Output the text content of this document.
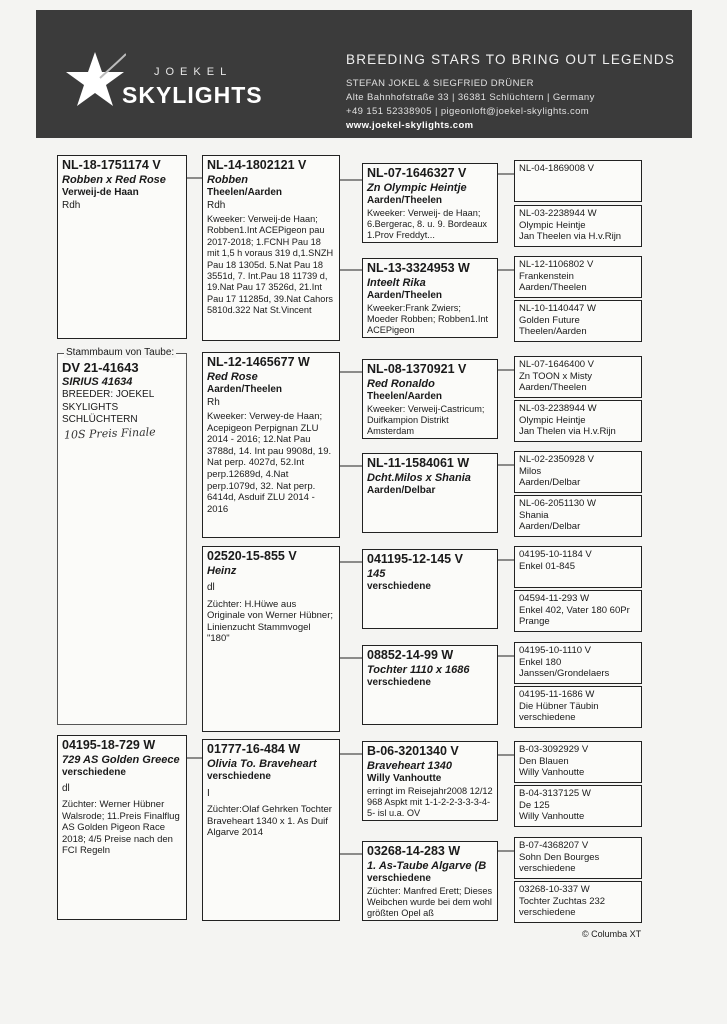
JOEKEL
SKYLIGHTS
BREEDING STARS TO BRING OUT LEGENDS
STEFAN JOKEL & SIEGFRIED DRÜNER
Alte Bahnhofstraße 33 | 36381 Schlüchtern | Germany
+49 151 52338905 | pigeonloft@joekel-skylights.com
www.joekel-skylights.com
DV 21-41643
SIRIUS 41634
BREEDER: JOEKEL
SKYLIGHTS
SCHLÜCHTERN
Stammbaum von Taube:
10S Preis Finale
NL-18-1751174 V
Robben x Red Rose
Verweij-de Haan
Rdh
04195-18-729 W
729 AS Golden Greece
verschiedene
dl
Züchter: Werner Hübner Walsrode; 11.Preis Finalflug AS Golden Pigeon Race 2018; 4/5 Preise nach den FCI Regeln
NL-14-1802121 V
Robben
Theelen/Aarden
Rdh
Kweeker: Verweij-de Haan; Robben1.Int ACEPigeon pau 2017-2018; 1.FCNH Pau 18 mit 1,5 h voraus 319 d,1.SNZH Pau 18 1305d. 5.Nat Pau 18 3551d, 7. Int.Pau 18 11739 d, 19.Nat Pau 17 3526d, 21.Int Pau 17 11285d, 39.Nat Cahors 5810d.322 Nat St.Vincent
NL-12-1465677 W
Red Rose
Aarden/Theelen
Rh
Kweeker: Verwey-de Haan; Acepigeon Perpignan ZLU 2014 - 2016; 12.Nat Pau 3788d, 14. Int pau 9908d, 19. Nat perp. 4027d, 52.Int perp.12689d, 4.Nat perp.1079d, 32. Nat perp. 6414d, Asduif ZLU 2014 - 2016
02520-15-855 V
Heinz
dl
Züchter: H.Hüwe aus Originale von Werner Hübner; Linienzucht Stammvogel "180"
01777-16-484 W
Olivia To. Braveheart
verschiedene
I
Züchter:Olaf Gehrken Tochter Braveheart 1340 x 1. As Duif Algarve 2014
NL-07-1646327 V
Zn Olympic Heintje
Aarden/Theelen
Kweeker: Verweij- de Haan; 6.Bergerac, 8. u. 9. Bordeaux 1.Prov Freddyt...
NL-13-3324953 W
Inteelt Rika
Aarden/Theelen
Kweeker:Frank Zwiers; Moeder Robben; Robben1.Int ACEPigeon
NL-08-1370921 V
Red Ronaldo
Theelen/Aarden
Kweeker: Verweij-Castricum; Duifkampion Distrikt Amsterdam
NL-11-1584061 W
Dcht.Milos x Shania
Aarden/Delbar
041195-12-145 V
145
verschiedene
08852-14-99 W
Tochter 1110 x 1686
verschiedene
B-06-3201340 V
Braveheart 1340
Willy Vanhoutte
erringt im Reisejahr2008 12/12 968 Aspkt mit 1-1-2-2-3-3-3-4-5- isl u.a. OV
03268-14-283 W
1. As-Taube Algarve (B
verschiedene
Züchter: Manfred Erett; Dieses Weibchen wurde bei dem wohl größten Opel aß
NL-04-1869008 V
NL-03-2238944 W
Olympic Heintje
Jan Theelen via H.v.Rijn
NL-12-1106802 V
Frankenstein
Aarden/Theelen
NL-10-1140447 W
Golden Future
Theelen/Aarden
NL-07-1646400 V
Zn TOON x Misty
Aarden/Theelen
NL-03-2238944 W
Olympic Heintje
Jan Thelen via H.v.Rijn
NL-02-2350928 V
Milos
Aarden/Delbar
NL-06-2051130 W
Shania
Aarden/Delbar
04195-10-1184 V
Enkel 01-845
04594-11-293 W
Enkel 402, Vater 180 60Pr
Prange
04195-10-1110 V
Enkel 180
Janssen/Grondelaers
04195-11-1686 W
Die Hübner Täubin
verschiedene
B-03-3092929 V
Den Blauen
Willy Vanhoutte
B-04-3137125 W
De 125
Willy Vanhoutte
B-07-4368207 V
Sohn Den Bourges
verschiedene
03268-10-337 W
Tochter Zuchtas 232
verschiedene
© Columba XT
